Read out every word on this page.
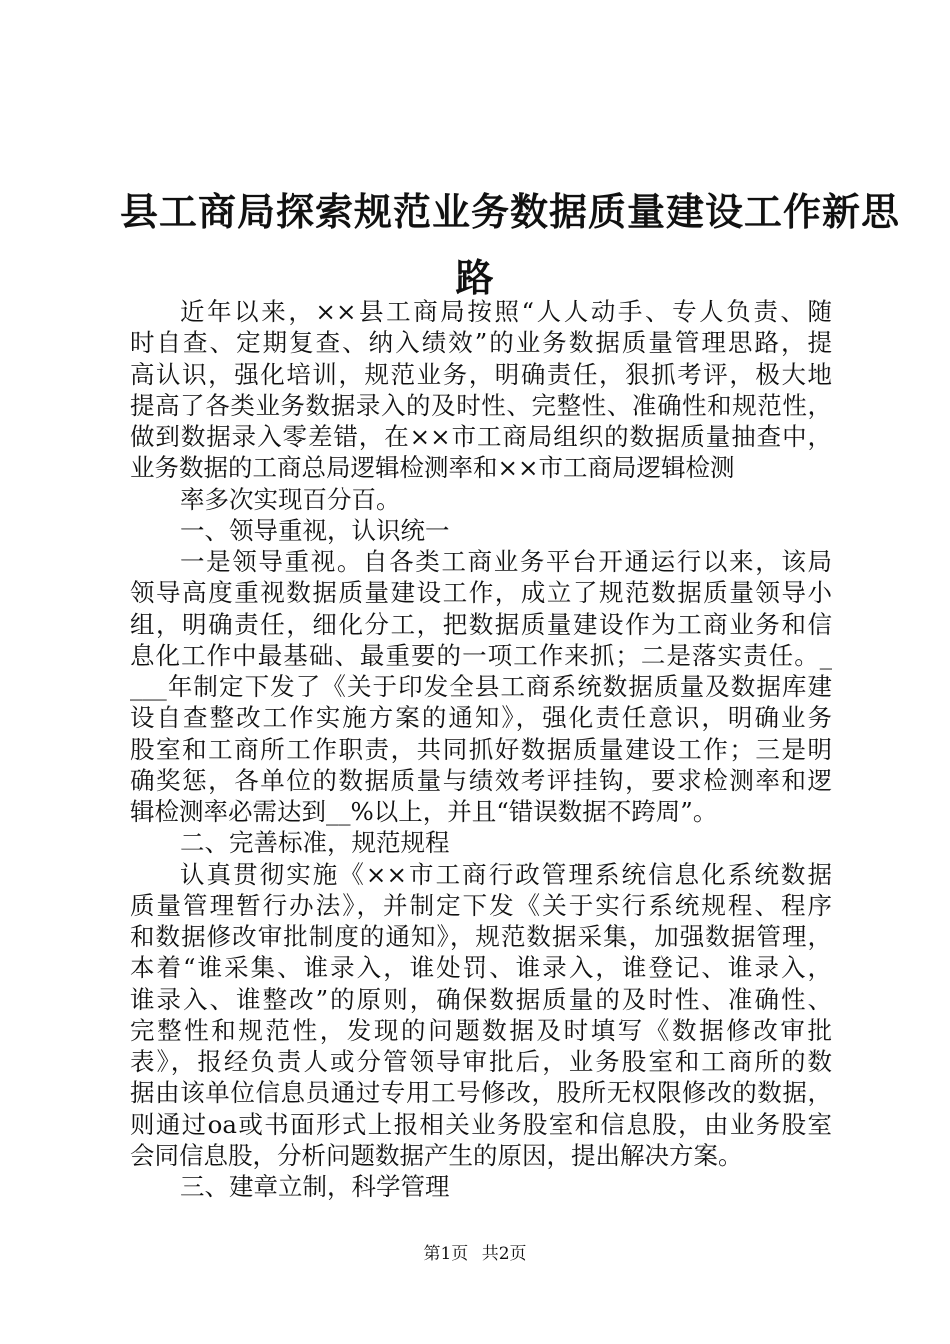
县工商局探索规范业务数据质量建设工作新思
路

近年以来，××县工商局按照“人人动手、专人负责、随

时自查、定期复查、纳入绩效”的业务数据质量管理思路，提

高认识，强化培训，规范业务，明确责任，狠抓考评，极大地

提高了各类业务数据录入的及时性、完整性、准确性和规范性，

做到数据录入零差错，在××市工商局组织的数据质量抽查中，

业务数据的工商总局逻辑检测率和××市工商局逻辑检测

率多次实现百分百。

一、领导重视，认识统一

一是领导重视。自各类工商业务平台开通运行以来，该局

领导高度重视数据质量建设工作，成立了规范数据质量领导小

组，明确责任，细化分工，把数据质量建设作为工商业务和信

息化工作中最基础、最重要的一项工作来抓；二是落实责任。_

___年制定下发了《关于印发全县工商系统数据质量及数据库建

设自查整改工作实施方案的通知》，强化责任意识，明确业务

股室和工商所工作职责，共同抓好数据质量建设工作；三是明

确奖惩，各单位的数据质量与绩效考评挂钩，要求检测率和逻

辑检测率必需达到__%以上，并且“错误数据不跨周”。

二、完善标准，规范规程

认真贯彻实施《××市工商行政管理系统信息化系统数据

质量管理暂行办法》，并制定下发《关于实行系统规程、程序

和数据修改审批制度的通知》，规范数据采集，加强数据管理，

本着“谁采集、谁录入，谁处罚、谁录入，谁登记、谁录入，

谁录入、谁整改”的原则，确保数据质量的及时性、准确性、

完整性和规范性，发现的问题数据及时填写《数据修改审批

表》，报经负责人或分管领导审批后，业务股室和工商所的数

据由该单位信息员通过专用工号修改，股所无权限修改的数据，

则通过oa或书面形式上报相关业务股室和信息股，由业务股室

会同信息股，分析问题数据产生的原因，提出解决方案。

三、建章立制，科学管理

第1页 共2页
